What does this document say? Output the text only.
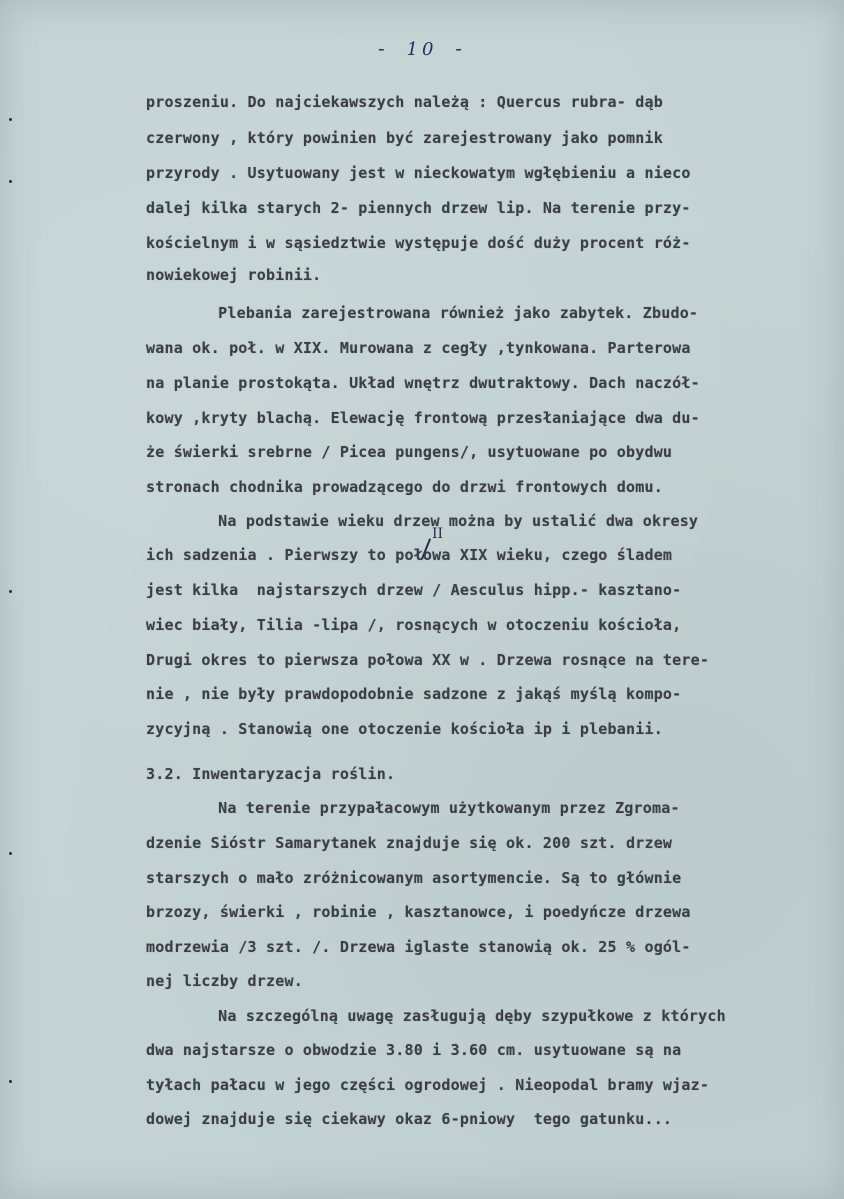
- 10 -
proszeniu. Do najciekawszych należą : Quercus rubra- dąb
czerwony , który powinien być zarejestrowany jako pomnik
przyrody . Usytuowany jest w nieckowatym wgłębieniu a nieco
dalej kilka starych 2- piennych drzew lip. Na terenie przy-
kościelnym i w sąsiedztwie występuje dość duży procent róż-
nowiekowej robinii.
Plebania zarejestrowana również jako zabytek. Zbudo-
wana ok. poł. w XIX. Murowana z cegły ,tynkowana. Parterowa
na planie prostokąta. Układ wnętrz dwutraktowy. Dach naczół-
kowy ,kryty blachą. Elewację frontową przesłaniające dwa du-
że świerki srebrne / Picea pungens/, usytuowane po obydwu
stronach chodnika prowadzącego do drzwi frontowych domu.
Na podstawie wieku drzew można by ustalić dwa okresy
II
ich sadzenia . Pierwszy to połowa XIX wieku, czego śladem
jest kilka  najstarszych drzew / Aesculus hipp.- kasztano-
wiec biały, Tilia -lipa /, rosnących w otoczeniu kościoła,
Drugi okres to pierwsza połowa XX w . Drzewa rosnące na tere-
nie , nie były prawdopodobnie sadzone z jakąś myślą kompo-
zycyjną . Stanowią one otoczenie kościoła ip i plebanii.
3.2. Inwentaryzacja roślin.
Na terenie przypałacowym użytkowanym przez Zgroma-
dzenie Sióstr Samarytanek znajduje się ok. 200 szt. drzew
starszych o mało zróżnicowanym asortymencie. Są to głównie
brzozy, świerki , robinie , kasztanowce, i poedyńcze drzewa
modrzewia /3 szt. /. Drzewa iglaste stanowią ok. 25 % ogól-
nej liczby drzew.
Na szczególną uwagę zasługują dęby szypułkowe z których
dwa najstarsze o obwodzie 3.80 i 3.60 cm. usytuowane są na
tyłach pałacu w jego części ogrodowej . Nieopodal bramy wjaz-
dowej znajduje się ciekawy okaz 6-pniowy  tego gatunku...
